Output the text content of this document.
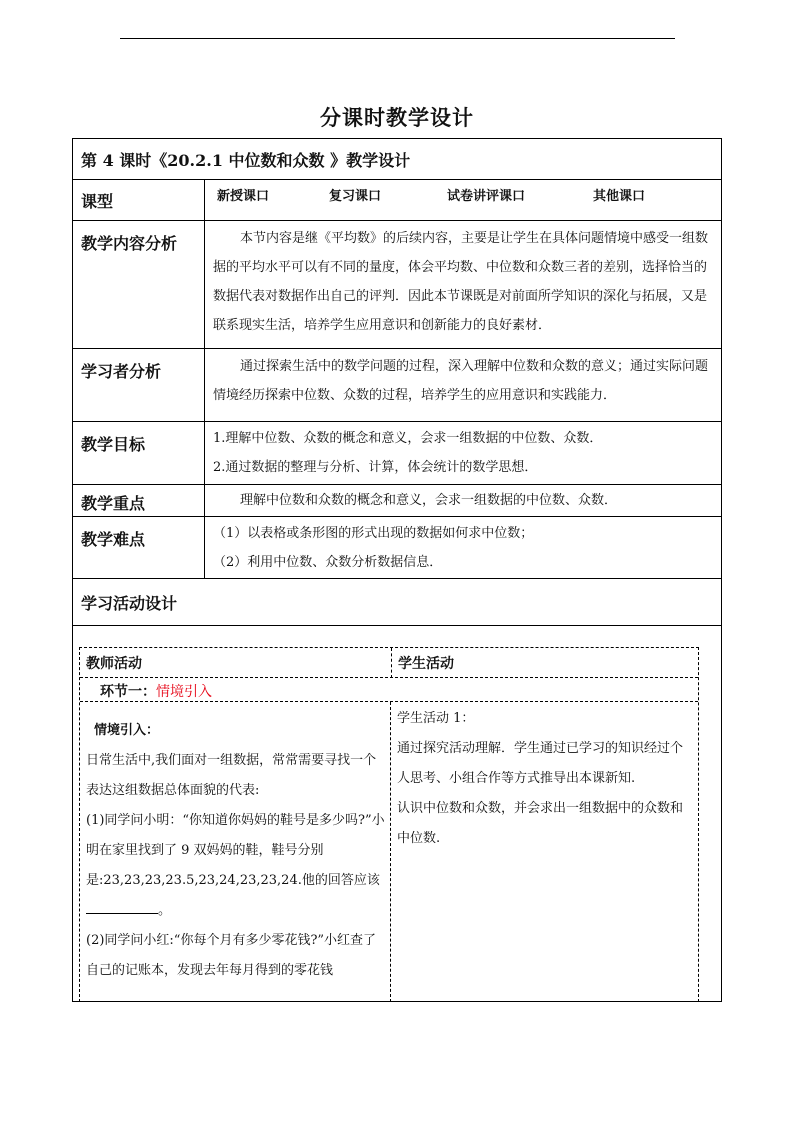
分课时教学设计
第 4 课时《20.2.1 中位数和众数 》教学设计
课型	新授课口	复习课口	试卷讲评课口	其他课口
教学内容分析	本节内容是继《平均数》的后续内容，主要是让学生在具体问题情境中感受一组数据的平均水平可以有不同的量度，体会平均数、中位数和众数三者的差别，选择恰当的数据代表对数据作出自己的评判．因此本节课既是对前面所学知识的深化与拓展，又是联系现实生活，培养学生应用意识和创新能力的良好素材．
学习者分析	通过探索生活中的数学问题的过程，深入理解中位数和众数的意义；通过实际问题情境经历探索中位数、众数的过程，培养学生的应用意识和实践能力．
教学目标	1.理解中位数、众数的概念和意义，会求一组数据的中位数、众数．
2.通过数据的整理与分析、计算，体会统计的数学思想．
教学重点	理解中位数和众数的概念和意义，会求一组数据的中位数、众数．
教学难点	（1）以表格或条形图的形式出现的数据如何求中位数；
（2）利用中位数、众数分析数据信息．
学习活动设计
教师活动	学生活动
环节一：情境引入
情境引入：
日常生活中,我们面对一组数据，常常需要寻找一个表达这组数据总体面貌的代表:
(1)同学问小明：“你知道你妈妈的鞋号是多少吗?”小明在家里找到了 9 双妈妈的鞋，鞋号分别是:23,23,23,23.5,23,24,23,23,24.他的回答应该。
(2)同学问小红:“你每个月有多少零花钱?”小红查了自己的记账本，发现去年每月得到的零花钱
学生活动 1：
通过探究活动理解．学生通过已学习的知识经过个人思考、小组合作等方式推导出本课新知.
认识中位数和众数，并会求出一组数据中的众数和中位数.
